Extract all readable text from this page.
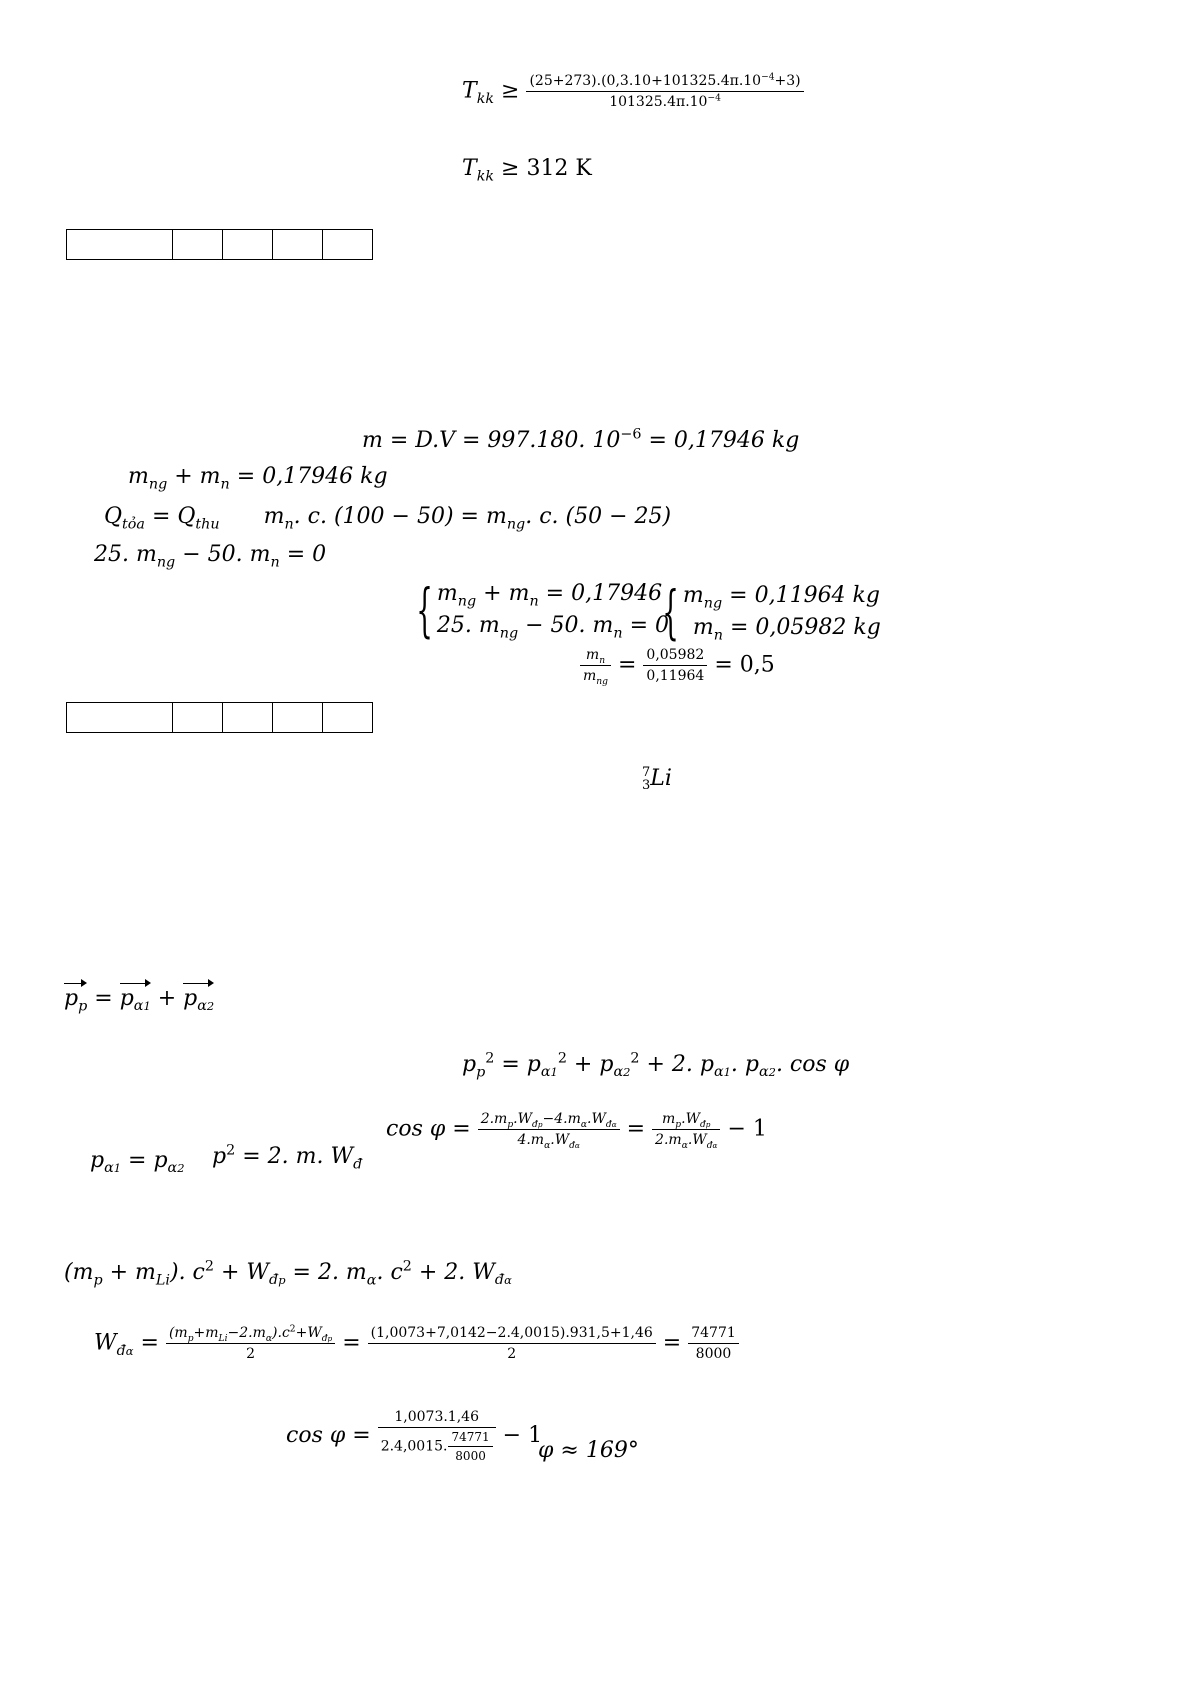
$T_{kk} \ge \frac{(25+273).(0,3.10+101325.4\pi.10^{-4}+3)}{101325.4\pi.10^{-4}}$
$T_{kk} \ge 312$ K

m = D.V = 997.180. $10^{-6} = 0,17946$ kg
$m_{ng} + m_n = 0,17946$ kg
$Q_{tỏa} = Q_{thu}$ $m_n$. c. $(100 - 50) = m_{ng}$. c. (50 − 25)
25. $m_{ng} - 50$. $m_n = 0$
{ $m_{ng} + m_n = 0,17946$
25. $m_{ng} - 50$. $m_n = 0$
{ $m_{ng} = 0,11964$ kg
$m_n = 0,05982$ kg
$\frac{m_n}{m_{ng}} = \frac{0,05982}{0,11964} = 0,5$

7
3 Li
$p_p = p_{\alpha 1} + p_{\alpha 2}$
$p_p^2 = p_{\alpha 1}^2 + p_{\alpha 2}^2 + 2$. $p_{\alpha 1}$. $p_{\alpha 2}$. cos φ
$p_{\alpha 1} = p_{\alpha 2}$ $p^2 = 2$. m. $W_đ$
$\cos \varphi = \frac{2.m_p.W_{đp}-4.m_\alpha.W_{đ\alpha}}{4.m_\alpha.W_{đ\alpha}} = \frac{m_p.W_{đp}}{2.m_\alpha.W_{đ\alpha}} - 1$
$(m_p + m_{Li})$. $c^2 + W_{đp} = 2$. $m_\alpha$. $c^2 + 2$. $W_{đ\alpha}$
$W_{đ\alpha} = \frac{(m_p+m_{Li}-2.m_\alpha).c^2+W_{đp}}{2} = \frac{(1,0073+7,0142-2.4,0015).931,5+1,46}{2} = \frac{74771}{8000}$
$\cos \varphi = \frac{1,0073.1,46}{2.4,0015. \frac{74771}{8000}} - 1$
φ ≈ 169°
